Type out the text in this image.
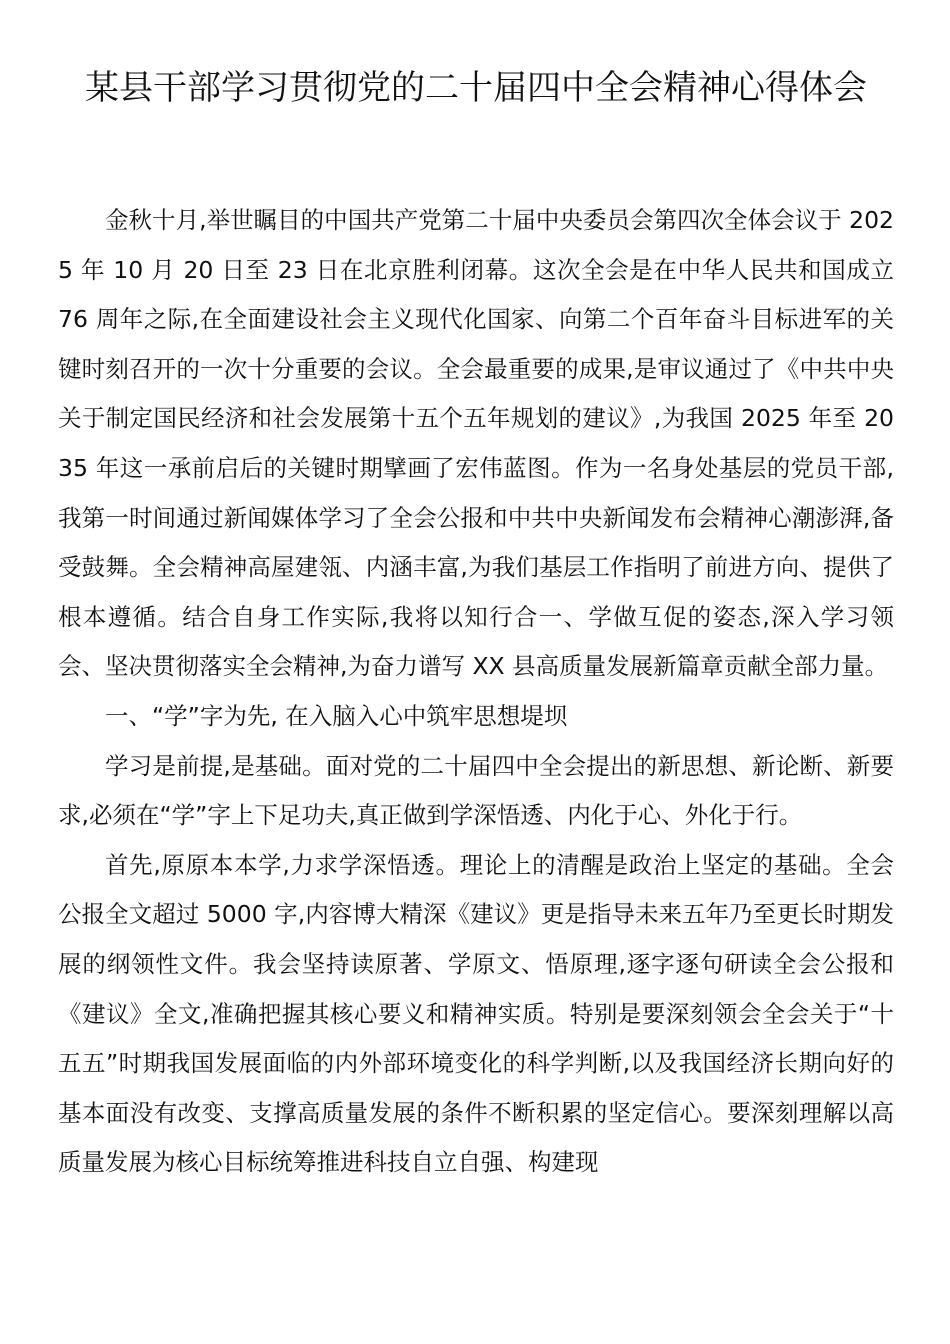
某县干部学习贯彻党的二十届四中全会精神心得体会

金秋十月,举世瞩目的中国共产党第二十届中央委员会第四次全体会议于 2025 年 10 月 20 日至 23 日在北京胜利闭幕。这次全会是在中华人民共和国成立 76 周年之际,在全面建设社会主义现代化国家、向第二个百年奋斗目标进军的关键时刻召开的一次十分重要的会议。全会最重要的成果,是审议通过了《中共中央关于制定国民经济和社会发展第十五个五年规划的建议》,为我国 2025 年至 2035 年这一承前启后的关键时期擘画了宏伟蓝图。作为一名身处基层的党员干部,我第一时间通过新闻媒体学习了全会公报和中共中央新闻发布会精神心潮澎湃,备受鼓舞。全会精神高屋建瓴、内涵丰富,为我们基层工作指明了前进方向、提供了根本遵循。结合自身工作实际,我将以知行合一、学做互促的姿态,深入学习领会、坚决贯彻落实全会精神,为奋力谱写 XX 县高质量发展新篇章贡献全部力量。

一、“学”字为先, 在入脑入心中筑牢思想堤坝

学习是前提,是基础。面对党的二十届四中全会提出的新思想、新论断、新要求,必须在“学”字上下足功夫,真正做到学深悟透、内化于心、外化于行。

首先,原原本本学,力求学深悟透。理论上的清醒是政治上坚定的基础。全会公报全文超过 5000 字,内容博大精深《建议》更是指导未来五年乃至更长时期发展的纲领性文件。我会坚持读原著、学原文、悟原理,逐字逐句研读全会公报和《建议》全文,准确把握其核心要义和精神实质。特别是要深刻领会全会关于“十五五”时期我国发展面临的内外部环境变化的科学判断,以及我国经济长期向好的基本面没有改变、支撑高质量发展的条件不断积累的坚定信心。要深刻理解以高质量发展为核心目标统筹推进科技自立自强、构建现
